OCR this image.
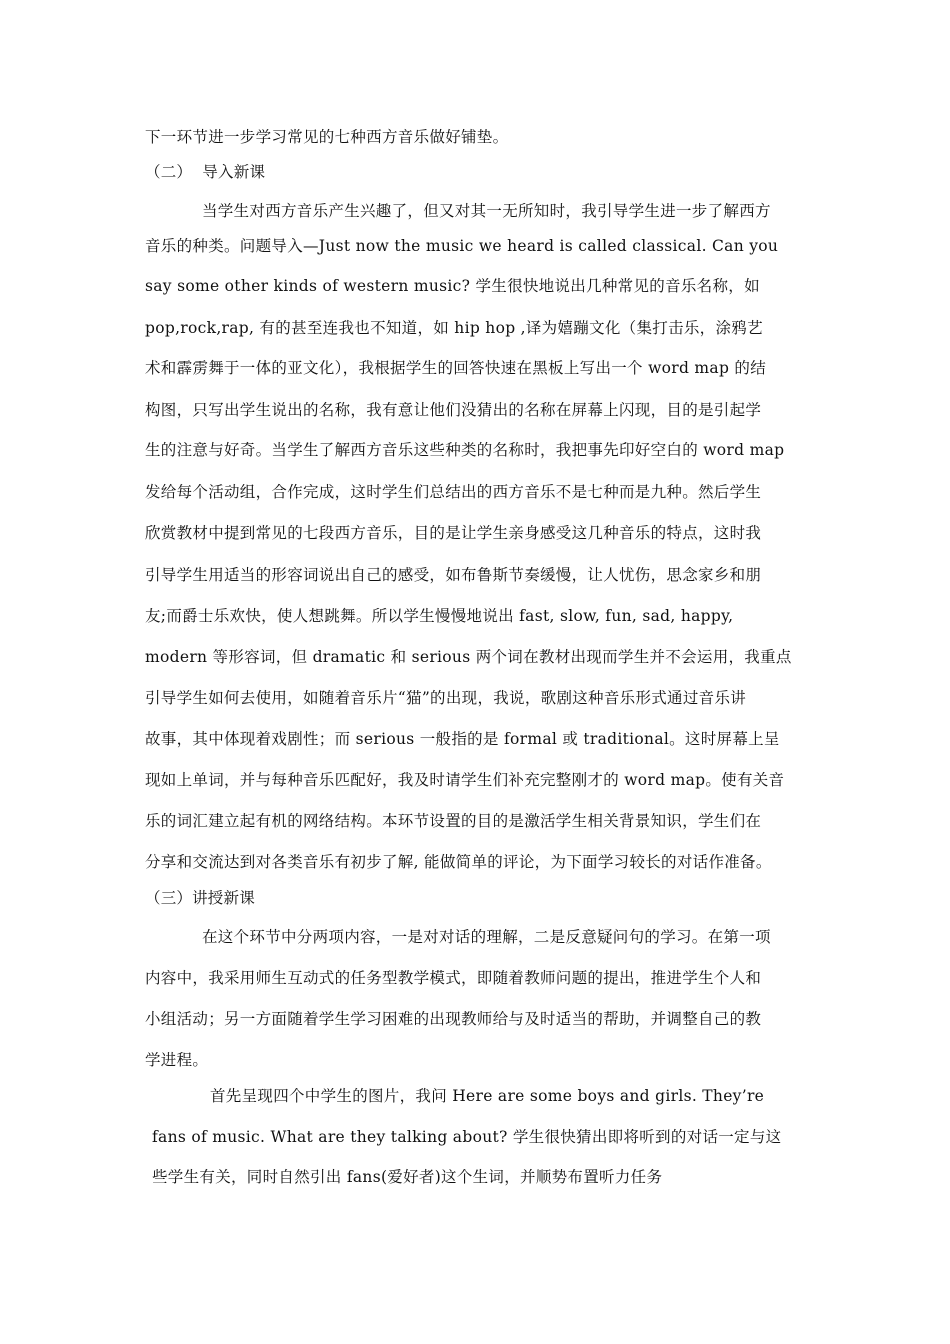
下一环节进一步学习常见的七种西方音乐做好铺垫。
（二）  导入新课
当学生对西方音乐产生兴趣了，但又对其一无所知时，我引导学生进一步了解西方
音乐的种类。问题导入—Just now the music we heard is called classical. Can you
say some other kinds of western music? 学生很快地说出几种常见的音乐名称，如
pop,rock,rap, 有的甚至连我也不知道，如 hip hop ,译为嬉蹦文化（集打击乐，涂鸦艺
术和霹雳舞于一体的亚文化），我根据学生的回答快速在黑板上写出一个 word map 的结
构图，只写出学生说出的名称，我有意让他们没猜出的名称在屏幕上闪现，目的是引起学
生的注意与好奇。当学生了解西方音乐这些种类的名称时，我把事先印好空白的 word map
发给每个活动组，合作完成，这时学生们总结出的西方音乐不是七种而是九种。然后学生
欣赏教材中提到常见的七段西方音乐，目的是让学生亲身感受这几种音乐的特点，这时我
引导学生用适当的形容词说出自己的感受，如布鲁斯节奏缓慢，让人忧伤，思念家乡和朋
友;而爵士乐欢快，使人想跳舞。所以学生慢慢地说出 fast, slow, fun, sad, happy,
modern 等形容词，但 dramatic 和 serious 两个词在教材出现而学生并不会运用，我重点
引导学生如何去使用，如随着音乐片“猫”的出现，我说，歌剧这种音乐形式通过音乐讲
故事，其中体现着戏剧性；而 serious 一般指的是 formal 或 traditional。这时屏幕上呈
现如上单词，并与每种音乐匹配好，我及时请学生们补充完整刚才的 word map。使有关音
乐的词汇建立起有机的网络结构。本环节设置的目的是激活学生相关背景知识，学生们在
分享和交流达到对各类音乐有初步了解, 能做简单的评论，为下面学习较长的对话作准备。
（三）讲授新课
在这个环节中分两项内容，一是对对话的理解，二是反意疑问句的学习。在第一项
内容中，我采用师生互动式的任务型教学模式，即随着教师问题的提出，推进学生个人和
小组活动；另一方面随着学生学习困难的出现教师给与及时适当的帮助，并调整自己的教
学进程。
首先呈现四个中学生的图片，我问 Here are some boys and girls. They’re
fans of music. What are they talking about? 学生很快猜出即将听到的对话一定与这
些学生有关，同时自然引出 fans(爱好者)这个生词，并顺势布置听力任务
